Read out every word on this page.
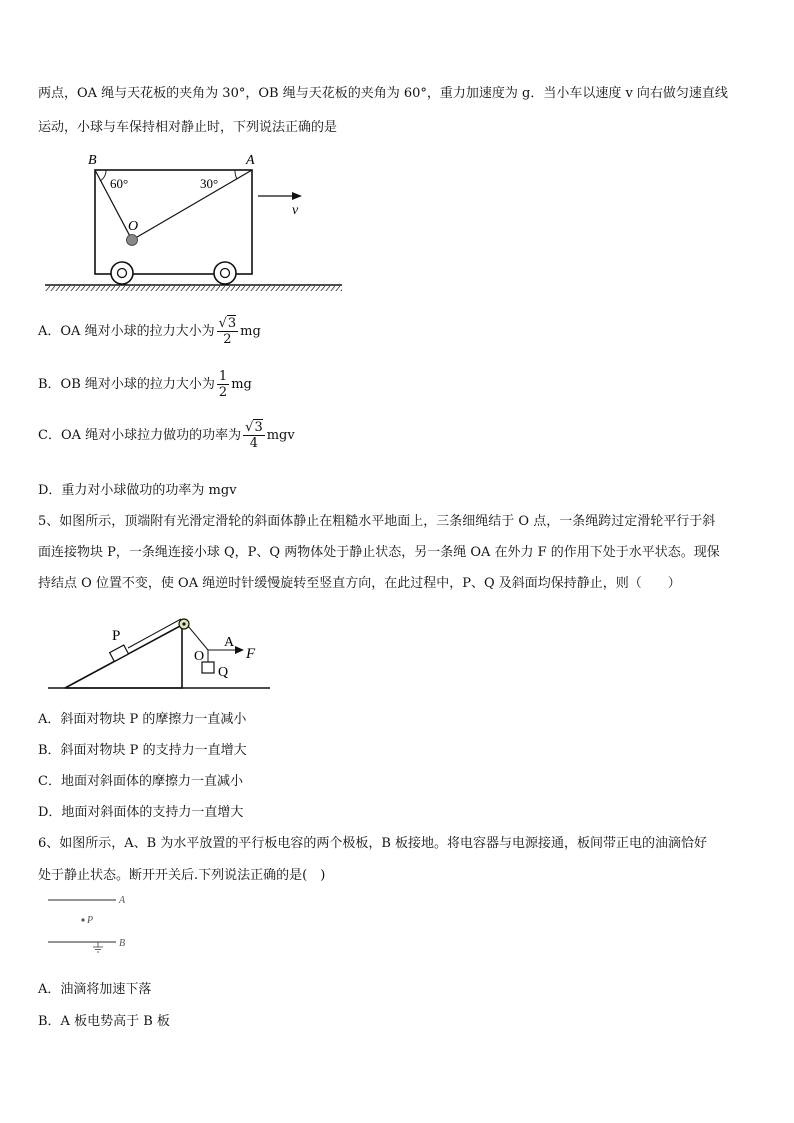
两点，OA 绳与天花板的夹角为 30°，OB 绳与天花板的夹角为 60°，重力加速度为 g．当小车以速度 v 向右做匀速直线
运动，小球与车保持相对静止时，下列说法正确的是
B	A
60°	30°
O
v
A．OA 绳对小球的拉力大小为 $\frac{√3}{2}$ mg
B．OB 绳对小球的拉力大小为 $\frac{1}{2}$ mg
C．OA 绳对小球拉力做功的功率为 $\frac{√3}{4}$ mgv
D．重力对小球做功的功率为 mgv
5、如图所示，顶端附有光滑定滑轮的斜面体静止在粗糙水平地面上，三条细绳结于 O 点，一条绳跨过定滑轮平行于斜
面连接物块 P，一条绳连接小球 Q，P、Q 两物体处于静止状态，另一条绳 OA 在外力 F 的作用下处于水平状态。现保
持结点 O 位置不变，使 OA 绳逆时针缓慢旋转至竖直方向，在此过程中，P、Q 及斜面均保持静止，则（　　）
P	A
O	F
Q
A．斜面对物块 P 的摩擦力一直减小
B．斜面对物块 P 的支持力一直增大
C．地面对斜面体的摩擦力一直减小
D．地面对斜面体的支持力一直增大
6、如图所示，A、B 为水平放置的平行板电容的两个极板，B 板接地。将电容器与电源接通，板间带正电的油滴恰好
处于静止状态。断开开关后.下列说法正确的是(　)
A
P
B
A．油滴将加速下落
B．A 板电势高于 B 板
